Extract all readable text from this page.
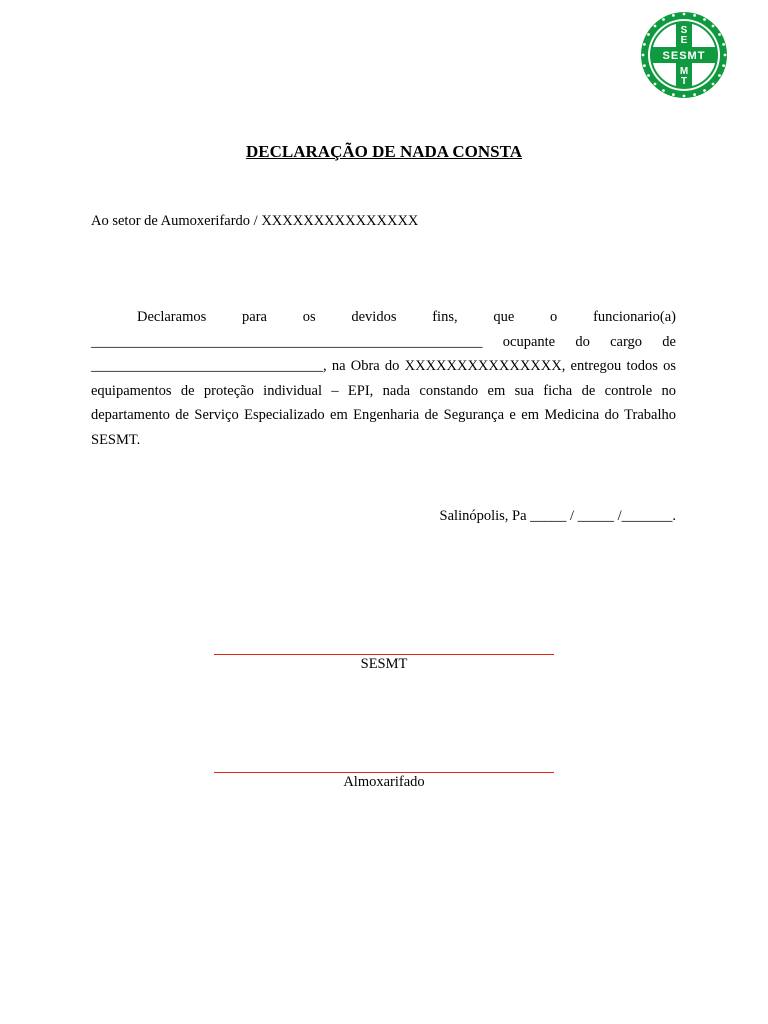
S
E
M
T
SESMT
DECLARAÇÃO DE NADA CONSTA

Ao setor de Aumoxerifardo / XXXXXXXXXXXXXXX

Declaramos para os devidos fins, que o funcionario(a) ______________________________________________________ ocupante do cargo de ________________________________, na Obra do XXXXXXXXXXXXXXX, entregou todos os equipamentos de proteção individual – EPI, nada constando em sua ficha de controle no departamento de Serviço Especializado em Engenharia de Segurança e em Medicina do Trabalho SESMT.

Salinópolis, Pa _____ / _____ /_______.

SESMT

Almoxarifado
